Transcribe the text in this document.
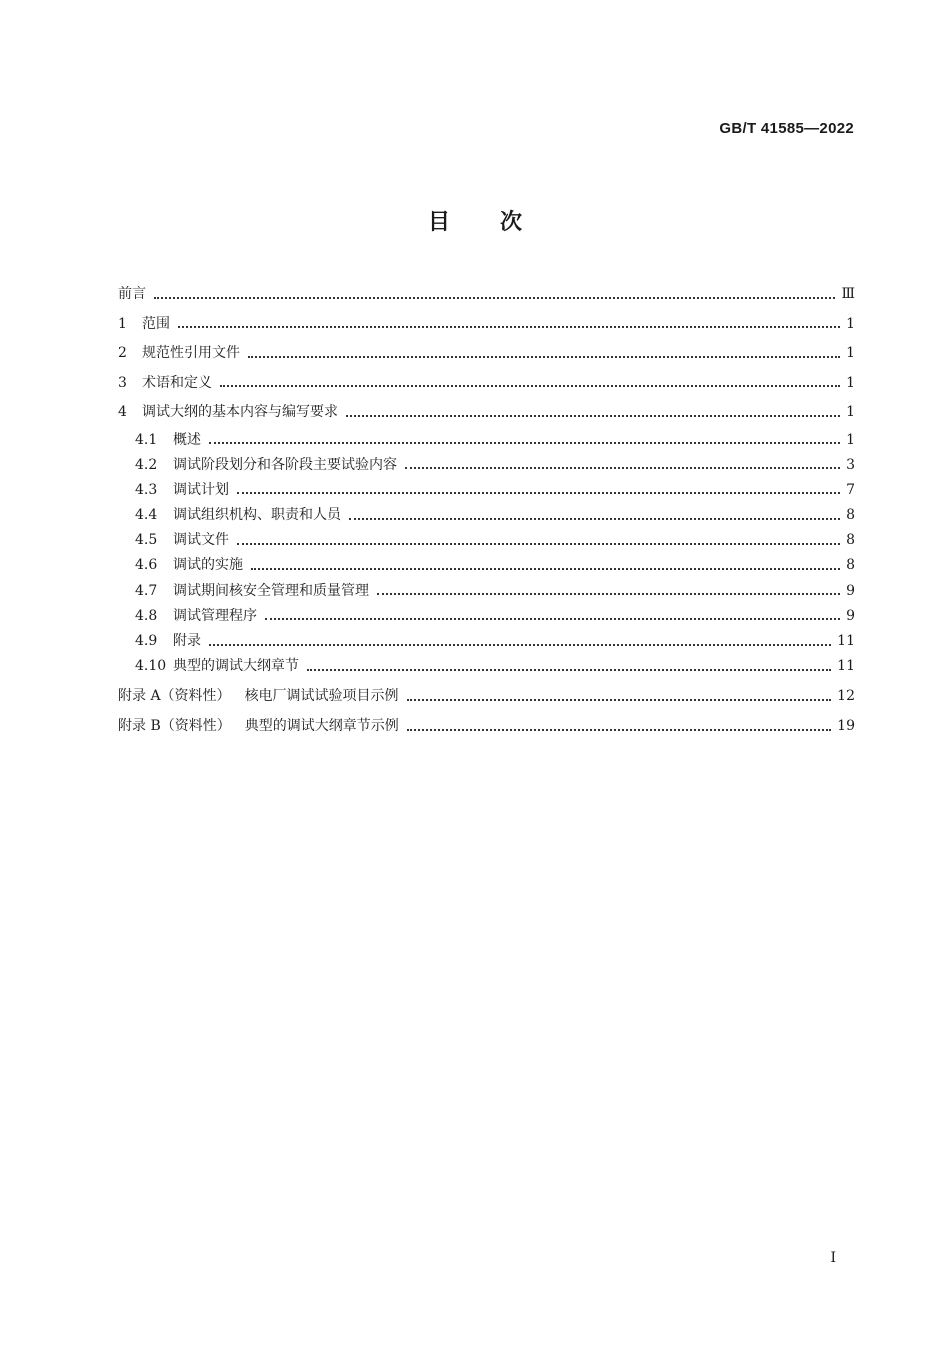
GB/T 41585—2022
目 次
前言	Ⅲ
1	范围	1
2	规范性引用文件	1
3	术语和定义	1
4	调试大纲的基本内容与编写要求	1
4.1	概述	1
4.2	调试阶段划分和各阶段主要试验内容	3
4.3	调试计划	7
4.4	调试组织机构、职责和人员	8
4.5	调试文件	8
4.6	调试的实施	8
4.7	调试期间核安全管理和质量管理	9
4.8	调试管理程序	9
4.9	附录	11
4.10 典型的调试大纲章节	11
附录 A（资料性） 核电厂调试试验项目示例	12
附录 B（资料性） 典型的调试大纲章节示例	19
I
